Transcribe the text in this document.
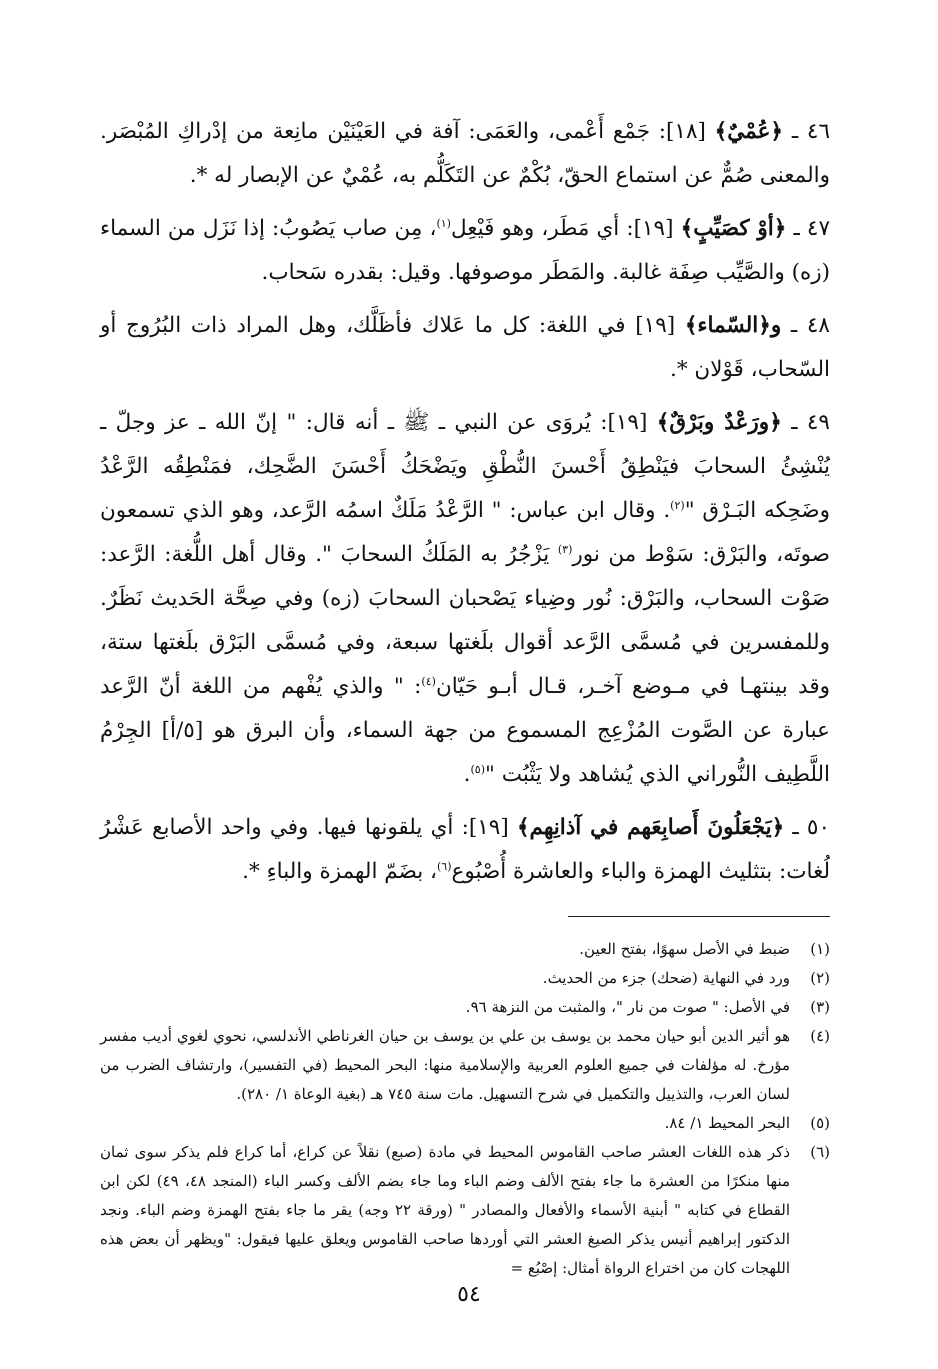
٤٦ ـ ﴿عُمْيٌ﴾ [١٨]: جَمْع أَعْمى، والعَمَى: آفة في العَيْنَيْن مانِعة من إدْراكِ المُبْصَر. والمعنى صُمٌّ عن استماع الحقّ، بُكْمٌ عن التَكَلُّم به، عُمْيٌ عن الإبصار له *.

٤٧ ـ ﴿أوْ كصَيِّبٍ﴾ [١٩]: أي مَطَر، وهو فَيْعِل$^{(١)}$، مِن صاب يَصُوبُ: إذا نَزَل من السماء (زه) والصَّيِّب صِفَة غالبة. والمَطَر موصوفها. وقيل: بقدره سَحاب.

٤٨ ـ و﴿السّماء﴾ [١٩] في اللغة: كل ما عَلاك فأظَلَّك، وهل المراد ذات البُرُوج أو السّحاب، قَوْلان *.

٤٩ ـ ﴿ورَعْدٌ وبَرْقٌ﴾ [١٩]: يُروَى عن النبي ـ ﷺ ـ أنه قال: " إنّ الله ـ عز وجلّ ـ يُنْشِئُ السحابَ فيَنْطِقُ أَحْسنَ النُّطْقِ ويَضْحَكُ أَحْسَنَ الضَّحِك، فمَنْطِقُه الرَّعْدُ وضَحِكه البَـرْق "$^{(٢)}$. وقال ابن عباس: " الرَّعْدُ مَلَكٌ اسمُه الرَّعد، وهو الذي تسمعون صوتَه، والبَرْق: سَوْط من نور$^{(٣)}$ يَزْجُرُ به المَلَكُ السحابَ ". وقال أهل اللُّغة: الرَّعد: صَوْت السحاب، والبَرْق: نُور وضِياء يَصْحبان السحابَ (زه) وفي صِحَّة الحَديث نَظَرٌ. وللمفسرين في مُسمَّى الرَّعد أقوال بلَغتها سبعة، وفي مُسمَّى البَرْق بلَغتها ستة، وقد بينتهـا في مـوضع آخـر، قـال أبـو حَيّان$^{(٤)}$: " والذي يُفْهم من اللغة أنّ الرَّعد عبارة عن الصَّوت المُزْعِج المسموع من جهة السماء، وأن البرق هو [٥/أ] الجِرْمُ اللَّطِيف النُّوراني الذي يُشاهد ولا يَثْبُت "$^{(٥)}$.

٥٠ ـ ﴿يَجْعَلُونَ أَصابِعَهم في آذانِهِم﴾ [١٩]: أي يلقونها فيها. وفي واحد الأصابع عَشْرُ لُغات: بتثليث الهمزة والباء والعاشرة أُصْبُوع$^{(٦)}$، بضَمّ الهمزة والباءِ *.

(١)
ضبط في الأصل سهوًا، بفتح العين.
(٢)
ورد في النهاية (ضحك) جزء من الحديث.
(٣)
في الأصل: " صوت من نار "، والمثبت من النزهة ٩٦.
(٤)
هو أثير الدين أبو حيان محمد بن يوسف بن علي بن يوسف بن حيان الغرناطي الأندلسي، نحوي لغوي أديب مفسر مؤرخ. له مؤلفات في جميع العلوم العربية والإسلامية منها: البحر المحيط (في التفسير)، وارتشاف الضرب من لسان العرب، والتذييل والتكميل في شرح التسهيل. مات سنة ٧٤٥ هـ (بغية الوعاة ١/ ٢٨٠).
(٥)
البحر المحيط ١/ ٨٤.
(٦)
ذكر هذه اللغات العشر صاحب القاموس المحيط في مادة (صبع) نقلاً عن كراع، أما كراع فلم يذكر سوى ثمان منها منكرًا من العشرة ما جاء بفتح الألف وضم الباء وما جاء بضم الألف وكسر الباء (المنجد ٤٨، ٤٩) لكن ابن القطاع في كتابه " أبنية الأسماء والأفعال والمصادر " (ورقة ٢٢ وجه) يقر ما جاء بفتح الهمزة وضم الباء. ونجد الدكتور إبراهيم أنيس يذكر الصيغ العشر التي أوردها صاحب القاموس ويعلق عليها فيقول: "ويظهر أن بعض هذه اللهجات كان من اختراع الرواة أمثال: إصْبُع =
٥٤
